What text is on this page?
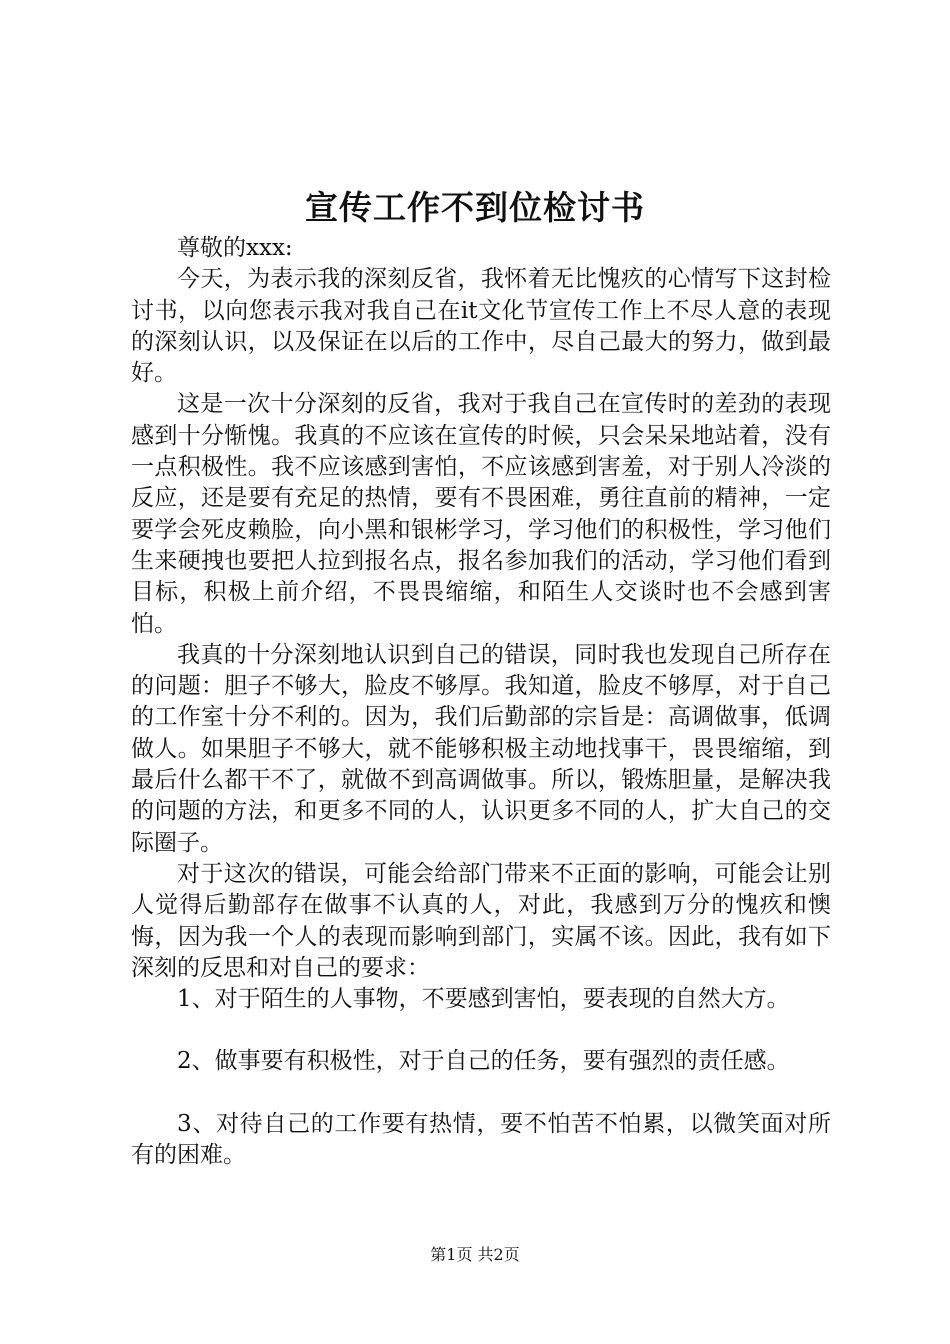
宣传工作不到位检讨书

尊敬的xxx:

今天，为表示我的深刻反省，我怀着无比愧疚的心情写下这封检讨书，以向您表示我对我自己在it文化节宣传工作上不尽人意的表现的深刻认识，以及保证在以后的工作中，尽自己最大的努力，做到最好。

这是一次十分深刻的反省，我对于我自己在宣传时的差劲的表现感到十分惭愧。我真的不应该在宣传的时候，只会呆呆地站着，没有一点积极性。我不应该感到害怕，不应该感到害羞，对于别人冷淡的反应，还是要有充足的热情，要有不畏困难，勇往直前的精神，一定要学会死皮赖脸，向小黑和银彬学习，学习他们的积极性，学习他们生来硬拽也要把人拉到报名点，报名参加我们的活动，学习他们看到目标，积极上前介绍，不畏畏缩缩，和陌生人交谈时也不会感到害怕。

我真的十分深刻地认识到自己的错误，同时我也发现自己所存在的问题：胆子不够大，脸皮不够厚。我知道，脸皮不够厚，对于自己的工作室十分不利的。因为，我们后勤部的宗旨是：高调做事，低调做人。如果胆子不够大，就不能够积极主动地找事干，畏畏缩缩，到最后什么都干不了，就做不到高调做事。所以，锻炼胆量，是解决我的问题的方法，和更多不同的人，认识更多不同的人，扩大自己的交际圈子。

对于这次的错误，可能会给部门带来不正面的影响，可能会让别人觉得后勤部存在做事不认真的人，对此，我感到万分的愧疚和懊悔，因为我一个人的表现而影响到部门，实属不该。因此，我有如下深刻的反思和对自己的要求：

1、对于陌生的人事物，不要感到害怕，要表现的自然大方。

2、做事要有积极性，对于自己的任务，要有强烈的责任感。

3、对待自己的工作要有热情，要不怕苦不怕累，以微笑面对所有的困难。

第1页 共2页
